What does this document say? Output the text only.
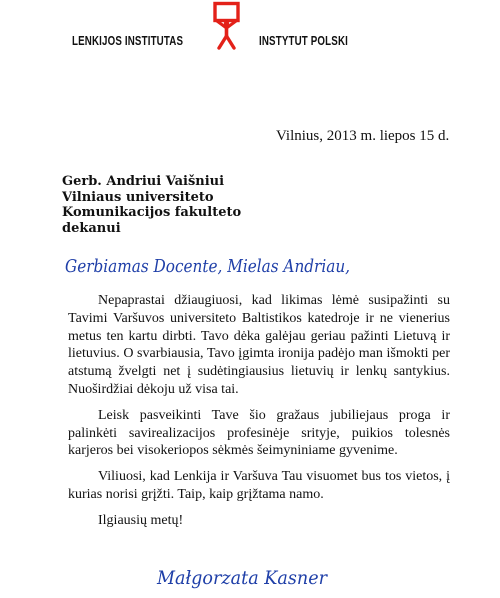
LENKIJOS INSTITUTAS	INSTYTUT POLSKI
Vilnius, 2013 m. liepos 15 d.
Gerb. Andriui Vaišniui
Vilniaus universiteto
Komunikacijos fakulteto
dekanui
Gerbiamas Docente, Mielas Andriau,

Nepaprastai džiaugiuosi, kad likimas lėmė susipažinti su Tavimi Varšuvos universiteto Baltistikos katedroje ir ne vienerius metus ten kartu dirbti. Tavo dėka galėjau geriau pažinti Lietuvą ir lietuvius. O svarbiausia, Tavo įgimta ironija padėjo man išmokti per atstumą žvelgti net į sudėtingiausius lietuvių ir lenkų santykius. Nuoširdžiai dėkoju už visa tai.

Leisk pasveikinti Tave šio gražaus jubiliejaus proga ir palinkėti savirealizacijos profesinėje srityje, puikios tolesnės karjeros bei visokeriopos sėkmės šeimyniniame gyvenime.

Viliuosi, kad Lenkija ir Varšuva Tau visuomet bus tos vietos, į kurias norisi grįžti. Taip, kaip grįžtama namo.

Ilgiausių metų!

Małgorzata Kasner
